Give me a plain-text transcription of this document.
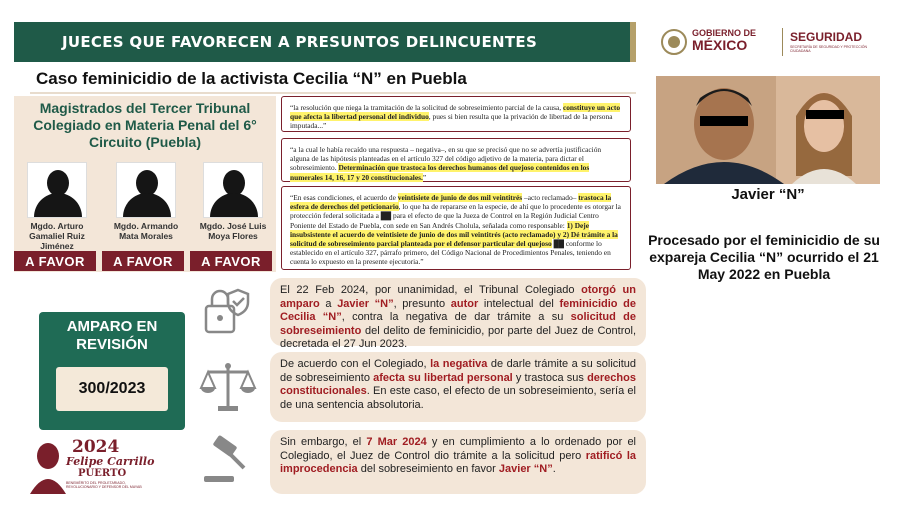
JUECES QUE FAVORECEN A PRESUNTOS DELINCUENTES
Caso feminicidio de la activista Cecilia “N” en Puebla
Magistrados del Tercer Tribunal Colegiado en Materia Penal del 6° Circuito (Puebla)
Mgdo. Arturo Gamaliel Ruiz Jiménez
Mgdo. Armando Mata Morales
Mgdo. José Luis Moya Flores
A FAVOR	A FAVOR	A FAVOR
“la resolución que niega la tramitación de la solicitud de sobreseimiento parcial de la causa, constituye un acto que afecta la libertad personal del individuo, pues si bien resulta que la privación de libertad de la persona imputada...”
“a la cual le había recaído una respuesta – negativa–, en su que se precisó que no se advertía justificación alguna de las hipótesis planteadas en el artículo 327 del código adjetivo de la materia, para dictar el sobreseimiento. Determinación que trastoca los derechos humanos del quejoso contenidos en los numerales 14, 16, 17 y 20 constitucionales.”
“En esas condiciones, el acuerdo de veintisiete de junio de dos mil veintitrés –acto reclamado– trastoca la esfera de derechos del peticionario, lo que ha de repararse en la especie, de ahí que lo procedente es otorgar la protección federal solicitada a ██ para el efecto de que la Jueza de Control en la Región Judicial Centro Poniente del Estado de Puebla, con sede en San Andrés Cholula, señalada como responsable: 1) Deje insubsistente el acuerdo de veintisiete de junio de dos mil veintitrés (acto reclamado) y 2) Dé trámite a la solicitud de sobreseimiento parcial planteada por el defensor particular del quejoso ██ conforme lo establecido en el artículo 327, párrafo primero, del Código Nacional de Procedimientos Penales, teniendo en cuenta lo expuesto en la presente ejecutoria.”
AMPARO EN REVISIÓN
300/2023
El 22 Feb 2024, por unanimidad, el Tribunal Colegiado otorgó un amparo a Javier “N”, presunto autor intelectual del feminicidio de Cecilia “N”, contra la negativa de dar trámite a su solicitud de sobreseimiento del delito de feminicidio, por parte del Juez de Control, decretada el 27 Jun 2023.
De acuerdo con el Colegiado, la negativa de darle trámite a su solicitud de sobreseimiento afecta su libertad personal y trastoca sus derechos constitucionales. En este caso, el efecto de un sobreseimiento, sería el de una sentencia absolutoria.
Sin embargo, el 7 Mar 2024 y en cumplimiento a lo ordenado por el Colegiado, el Juez de Control dio trámite a la solicitud pero ratificó la improcedencia del sobreseimiento en favor Javier “N”.
GOBIERNO DE
MÉXICO	SEGURIDAD
SECRETARÍA DE SEGURIDAD Y PROTECCIÓN CIUDADANA
Javier “N”
Procesado por el feminicidio de su expareja Cecilia “N” ocurrido el 21 May 2022 en Puebla
2024
Felipe Carrillo
PUERTO
BENEMÉRITO DEL PROLETARIADO, REVOLUCIONARIO Y DEFENSOR DEL MAYAB
